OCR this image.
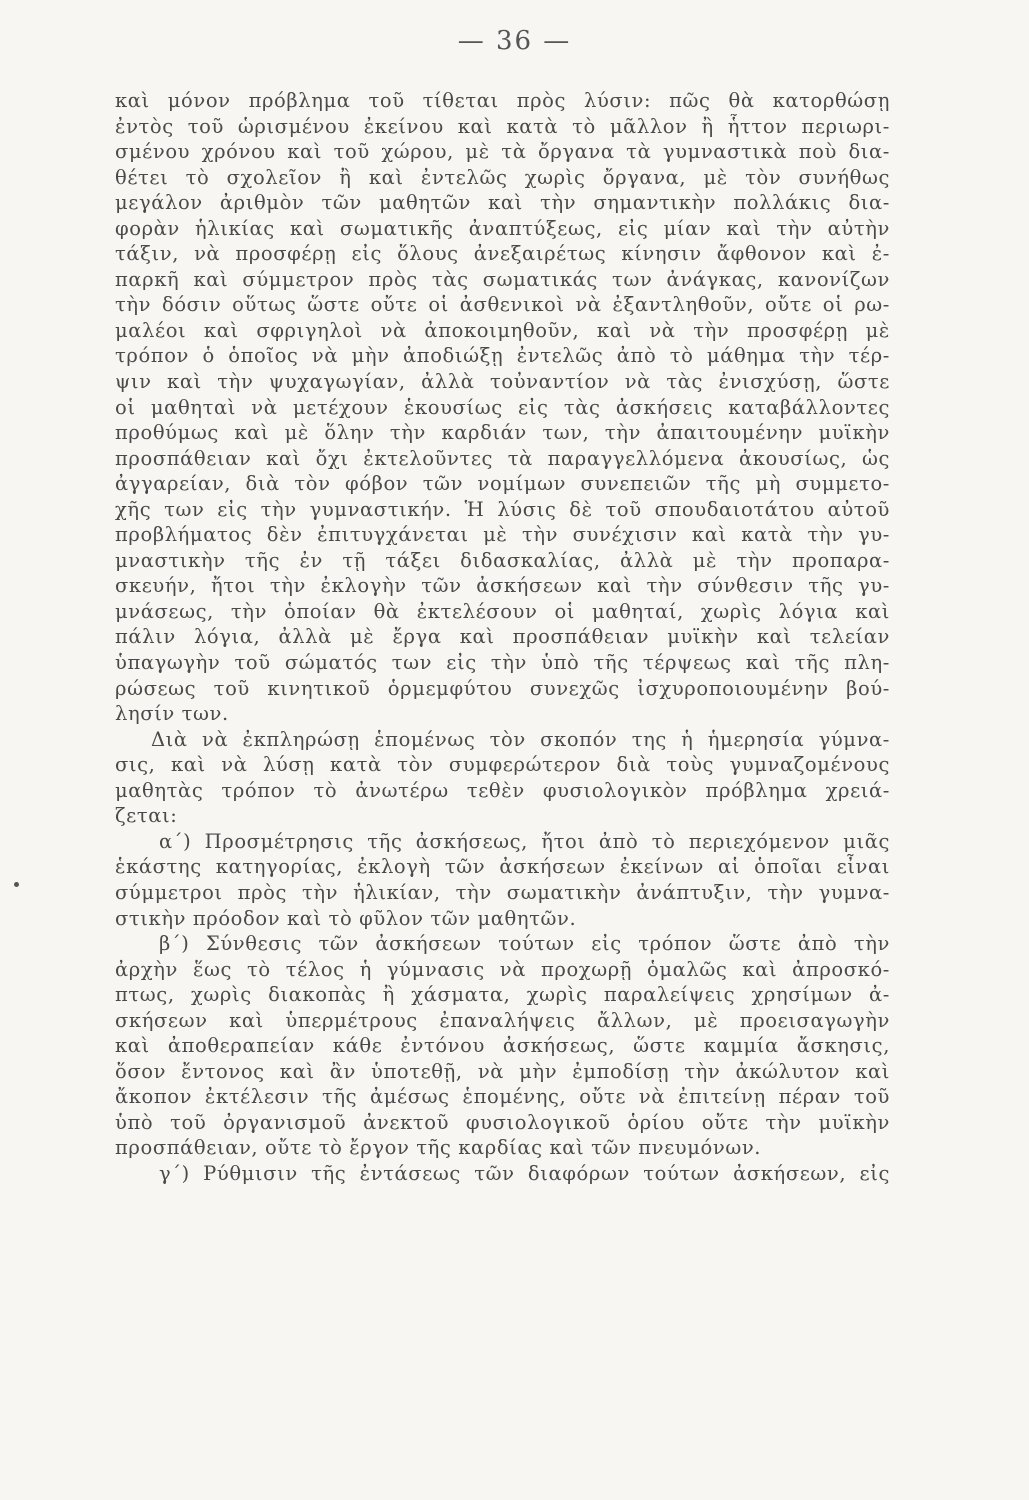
— 36 —
καὶ μόνον πρόβλημα τοῦ τίθεται πρὸς λύσιν: πῶς θὰ κατορθώσῃ
ἐντὸς τοῦ ὡρισμένου ἐκείνου καὶ κατὰ τὸ μᾶλλον ἢ ἧττον περιωρι-
σμένου χρόνου καὶ τοῦ χώρου, μὲ τὰ ὄργανα τὰ γυμναστικὰ ποὺ δια-
θέτει τὸ σχολεῖον ἢ καὶ ἐντελῶς χωρὶς ὄργανα, μὲ τὸν συνήθως
μεγάλον ἀριθμὸν τῶν μαθητῶν καὶ τὴν σημαντικὴν πολλάκις δια-
φορὰν ἡλικίας καὶ σωματικῆς ἀναπτύξεως, εἰς μίαν καὶ τὴν αὐτὴν
τάξιν, νὰ προσφέρῃ εἰς ὅλους ἀνεξαιρέτως κίνησιν ἄφθονον καὶ ἐ-
παρκῆ καὶ σύμμετρον πρὸς τὰς σωματικάς των ἀνάγκας, κανονίζων
τὴν δόσιν οὕτως ὥστε οὔτε οἱ ἀσθενικοὶ νὰ ἐξαντληθοῦν, οὔτε οἱ ρω-
μαλέοι καὶ σφριγηλοὶ νὰ ἀποκοιμηθοῦν, καὶ νὰ τὴν προσφέρῃ μὲ
τρόπον ὁ ὁποῖος νὰ μὴν ἀποδιώξῃ ἐντελῶς ἀπὸ τὸ μάθημα τὴν τέρ-
ψιν καὶ τὴν ψυχαγωγίαν, ἀλλὰ τοὐναντίον νὰ τὰς ἐνισχύσῃ, ὥστε
οἱ μαθηταὶ νὰ μετέχουν ἑκουσίως εἰς τὰς ἀσκήσεις καταβάλλοντες
προθύμως καὶ μὲ ὅλην τὴν καρδιάν των, τὴν ἀπαιτουμένην μυϊκὴν
προσπάθειαν καὶ ὄχι ἐκτελοῦντες τὰ παραγγελλόμενα ἀκουσίως, ὡς
ἀγγαρείαν, διὰ τὸν φόβον τῶν νομίμων συνεπειῶν τῆς μὴ συμμετο-
χῆς των εἰς τὴν γυμναστικήν. Ἡ λύσις δὲ τοῦ σπουδαιοτάτου αὐτοῦ
προβλήματος δὲν ἐπιτυγχάνεται μὲ τὴν συνέχισιν καὶ κατὰ τὴν γυ-
μναστικὴν τῆς ἐν τῇ τάξει διδασκαλίας, ἀλλὰ μὲ τὴν προπαρα-
σκευήν, ἤτοι τὴν ἐκλογὴν τῶν ἀσκήσεων καὶ τὴν σύνθεσιν τῆς γυ-
μνάσεως, τὴν ὁποίαν θὰ ἐκτελέσουν οἱ μαθηταί, χωρὶς λόγια καὶ
πάλιν λόγια, ἀλλὰ μὲ ἔργα καὶ προσπάθειαν μυϊκὴν καὶ τελείαν
ὑπαγωγὴν τοῦ σώματός των εἰς τὴν ὑπὸ τῆς τέρψεως καὶ τῆς πλη-
ρώσεως τοῦ κινητικοῦ ὁρμεμφύτου συνεχῶς ἰσχυροποιουμένην βού-
λησίν των.
Διὰ νὰ ἐκπληρώσῃ ἑπομένως τὸν σκοπόν της ἡ ἡμερησία γύμνα-
σις, καὶ νὰ λύσῃ κατὰ τὸν συμφερώτερον διὰ τοὺς γυμναζομένους
μαθητὰς τρόπον τὸ ἀνωτέρω τεθὲν φυσιολογικὸν πρόβλημα χρειά-
ζεται:
α΄) Προσμέτρησις τῆς ἀσκήσεως, ἤτοι ἀπὸ τὸ περιεχόμενον μιᾶς
ἑκάστης κατηγορίας, ἐκλογὴ τῶν ἀσκήσεων ἐκείνων αἱ ὁποῖαι εἶναι
σύμμετροι πρὸς τὴν ἡλικίαν, τὴν σωματικὴν ἀνάπτυξιν, τὴν γυμνα-
στικὴν πρόοδον καὶ τὸ φῦλον τῶν μαθητῶν.
β΄) Σύνθεσις τῶν ἀσκήσεων τούτων εἰς τρόπον ὥστε ἀπὸ τὴν
ἀρχὴν ἕως τὸ τέλος ἡ γύμνασις νὰ προχωρῇ ὁμαλῶς καὶ ἀπροσκό-
πτως, χωρὶς διακοπὰς ἢ χάσματα, χωρὶς παραλείψεις χρησίμων ἀ-
σκήσεων καὶ ὑπερμέτρους ἐπαναλήψεις ἄλλων, μὲ προεισαγωγὴν
καὶ ἀποθεραπείαν κάθε ἐντόνου ἀσκήσεως, ὥστε καμμία ἄσκησις,
ὅσον ἔντονος καὶ ἂν ὑποτεθῇ, νὰ μὴν ἐμποδίσῃ τὴν ἀκώλυτον καὶ
ἄκοπον ἐκτέλεσιν τῆς ἀμέσως ἑπομένης, οὔτε νὰ ἐπιτείνῃ πέραν τοῦ
ὑπὸ τοῦ ὀργανισμοῦ ἀνεκτοῦ φυσιολογικοῦ ὁρίου οὔτε τὴν μυϊκὴν
προσπάθειαν, οὔτε τὸ ἔργον τῆς καρδίας καὶ τῶν πνευμόνων.
γ΄) Ρύθμισιν τῆς ἐντάσεως τῶν διαφόρων τούτων ἀσκήσεων, εἰς
